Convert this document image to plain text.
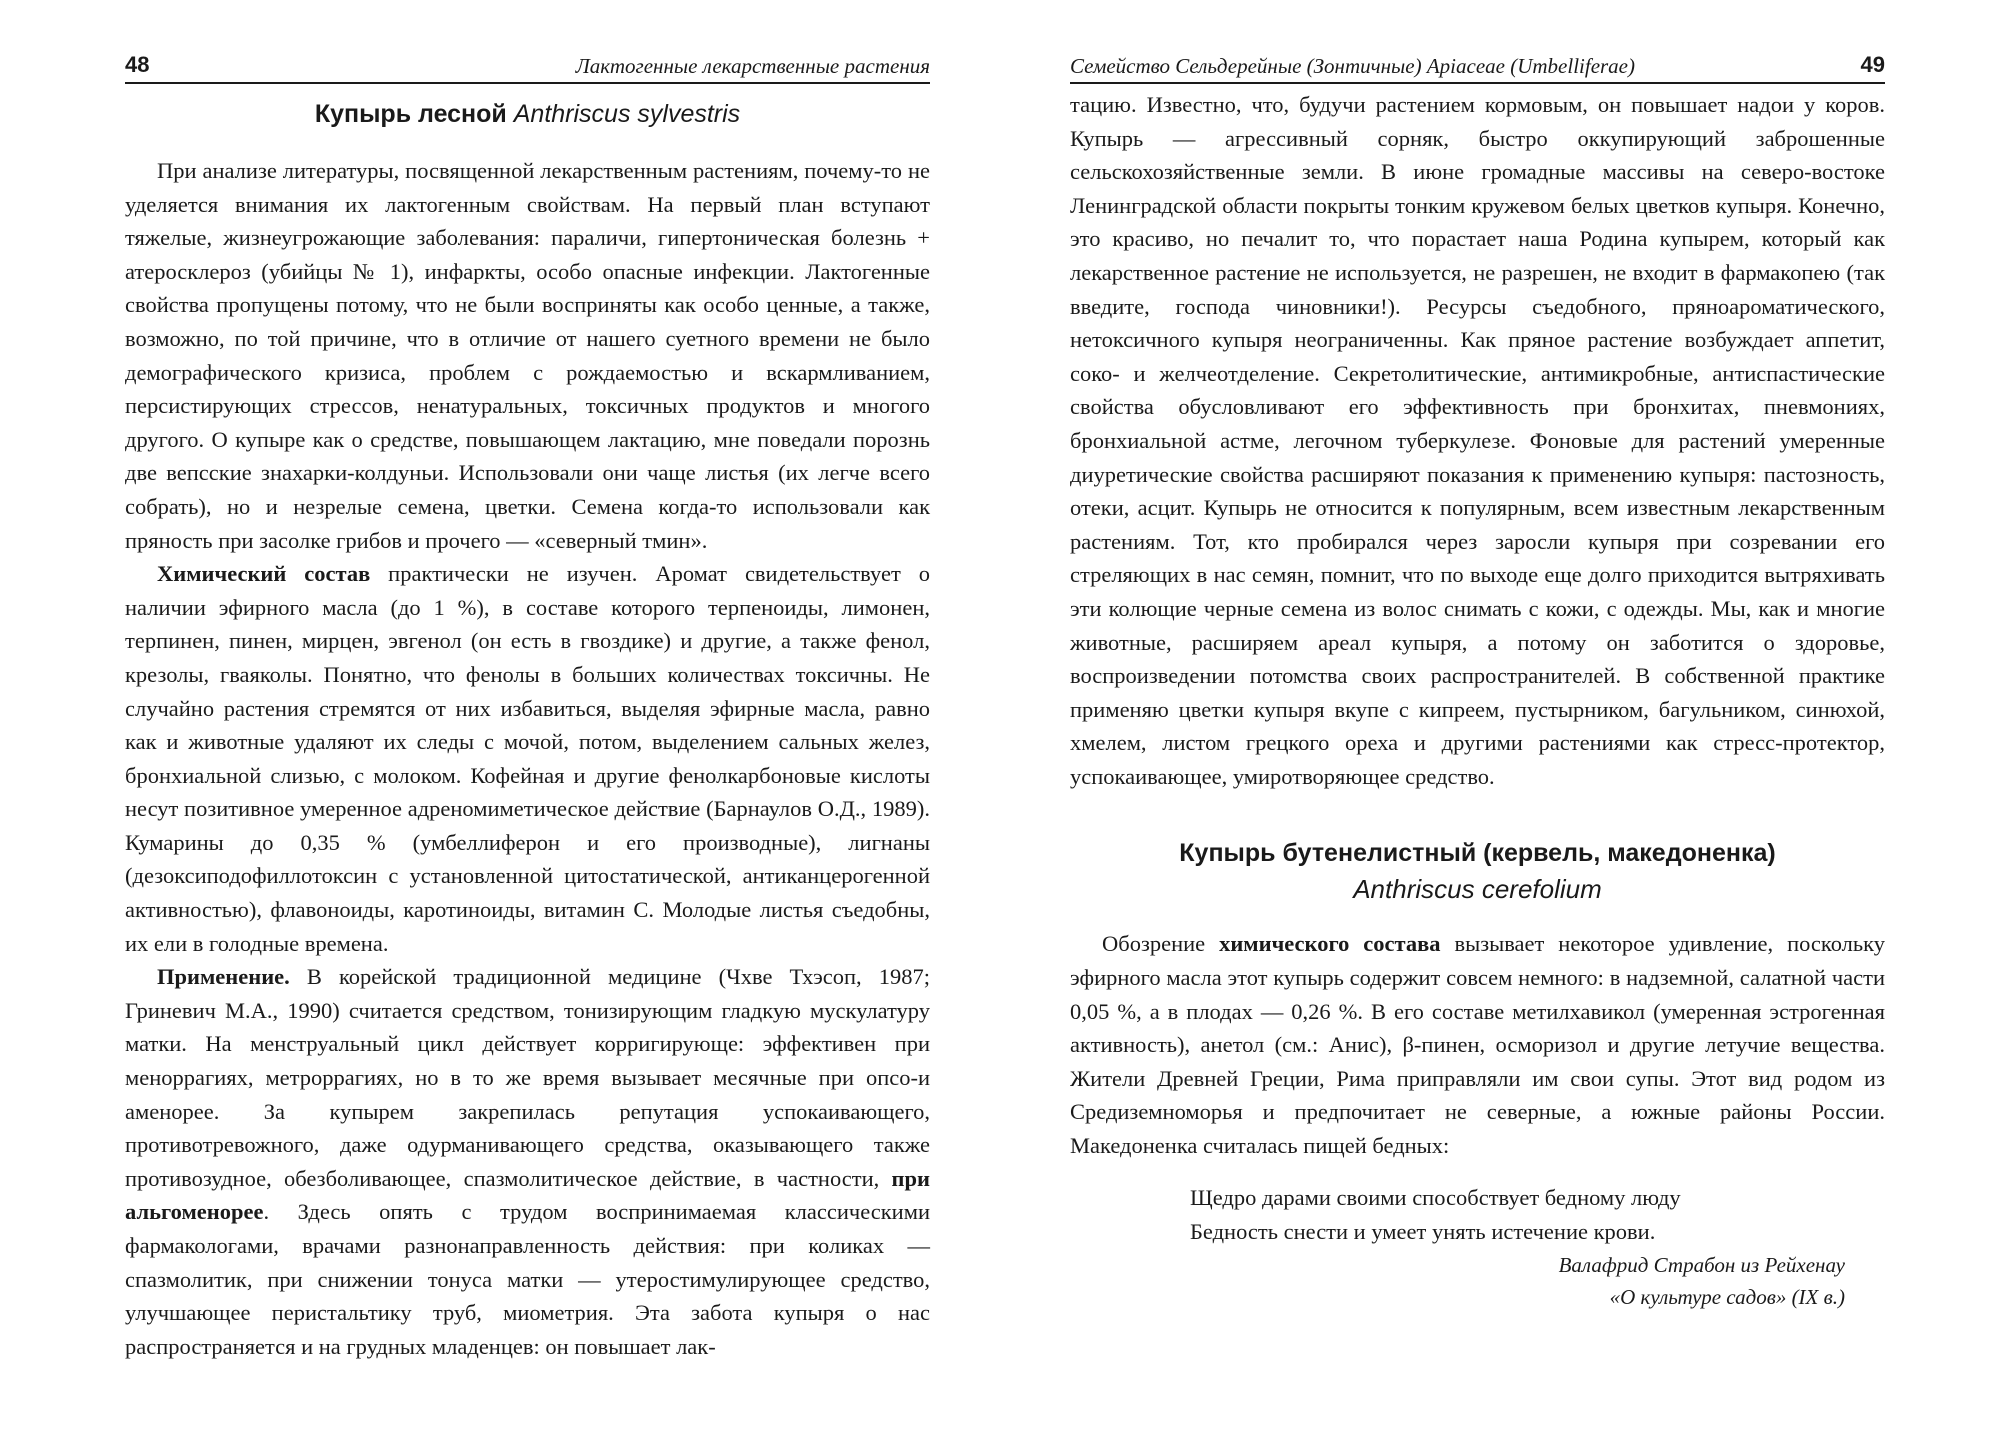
48	Лактогенные лекарственные растения
Купырь лесной Anthriscus sylvestris

При анализе литературы, посвященной лекарственным растениям, почему-то не уделяется внимания их лактогенным свойствам. На первый план вступают тяжелые, жизнеугрожающие заболевания: параличи, гипертоническая болезнь + атеросклероз (убийцы № 1), инфаркты, особо опасные инфекции. Лактогенные свойства пропущены потому, что не были восприняты как особо ценные, а также, возможно, по той причине, что в отличие от нашего суетного времени не было демографического кризиса, проблем с рождаемостью и вскармливанием, персистирующих стрессов, ненатуральных, токсичных продуктов и многого другого. О купыре как о средстве, повышающем лактацию, мне поведали порознь две вепсские знахарки-колдуньи. Использовали они чаще листья (их легче всего собрать), но и незрелые семена, цветки. Семена когда-то использовали как пряность при засолке грибов и прочего — «северный тмин».

Химический состав практически не изучен. Аромат свидетельствует о наличии эфирного масла (до 1 %), в составе которого терпеноиды, лимонен, терпинен, пинен, мирцен, эвгенол (он есть в гвоздике) и другие, а также фенол, крезолы, гваяколы. Понятно, что фенолы в больших количествах токсичны. Не случайно растения стремятся от них избавиться, выделяя эфирные масла, равно как и животные удаляют их следы с мочой, потом, выделением сальных желез, бронхиальной слизью, с молоком. Кофейная и другие фенолкарбоновые кислоты несут позитивное умеренное адреномиметическое действие (Барнаулов О.Д., 1989). Кумарины до 0,35 % (умбеллиферон и его производные), лигнаны (дезоксиподофиллотоксин с установленной цитостатической, антиканцерогенной активностью), флавоноиды, каротиноиды, витамин С. Молодые листья съедобны, их ели в голодные времена.

Применение. В корейской традиционной медицине (Чхве Тхэсоп, 1987; Гриневич М.А., 1990) считается средством, тонизирующим гладкую мускулатуру матки. На менструальный цикл действует корригирующе: эффективен при меноррагиях, метроррагиях, но в то же время вызывает месячные при опсо-и аменорее. За купырем закрепилась репутация успокаивающего, противотревожного, даже одурманивающего средства, оказывающего также противозудное, обезболивающее, спазмолитическое действие, в частности, при альгоменорее. Здесь опять с трудом воспринимаемая классическими фармакологами, врачами разнонаправленность действия: при коликах — спазмолитик, при снижении тонуса матки — утеростимулирующее средство, улучшающее перистальтику труб, миометрия. Эта забота купыря о нас распространяется и на грудных младенцев: он повышает лак-

Семейство Сельдерейные (Зонтичные) Apiaceae (Umbelliferae)	49

тацию. Известно, что, будучи растением кормовым, он повышает надои у коров. Купырь — агрессивный сорняк, быстро оккупирующий заброшенные сельскохозяйственные земли. В июне громадные массивы на северо-востоке Ленинградской области покрыты тонким кружевом белых цветков купыря. Конечно, это красиво, но печалит то, что порастает наша Родина купырем, который как лекарственное растение не используется, не разрешен, не входит в фармакопею (так введите, господа чиновники!). Ресурсы съедобного, пряноароматического, нетоксичного купыря неограниченны. Как пряное растение возбуждает аппетит, соко- и желчеотделение. Секретолитические, антимикробные, антиспастические свойства обусловливают его эффективность при бронхитах, пневмониях, бронхиальной астме, легочном туберкулезе. Фоновые для растений умеренные диуретические свойства расширяют показания к применению купыря: пастозность, отеки, асцит. Купырь не относится к популярным, всем известным лекарственным растениям. Тот, кто пробирался через заросли купыря при созревании его стреляющих в нас семян, помнит, что по выходе еще долго приходится вытряхивать эти колющие черные семена из волос снимать с кожи, с одежды. Мы, как и многие животные, расширяем ареал купыря, а потому он заботится о здоровье, воспроизведении потомства своих распространителей. В собственной практике применяю цветки купыря вкупе с кипреем, пустырником, багульником, синюхой, хмелем, листом грецкого ореха и другими растениями как стресс-протектор, успокаивающее, умиротворяющее средство.

Купырь бутенелистный (кервель, македоненка)
Anthriscus cerefolium

Обозрение химического состава вызывает некоторое удивление, поскольку эфирного масла этот купырь содержит совсем немного: в надземной, салатной части 0,05 %, а в плодах — 0,26 %. В его составе метилхавикол (умеренная эстрогенная активность), анетол (см.: Анис), β-пинен, осморизол и другие летучие вещества. Жители Древней Греции, Рима приправляли им свои супы. Этот вид родом из Средиземноморья и предпочитает не северные, а южные районы России. Македоненка считалась пищей бедных:

Щедро дарами своими способствует бедному люду
Бедность снести и умеет унять истечение крови.
Валафрид Страбон из Рейхенау
«О культуре садов» (IX в.)
